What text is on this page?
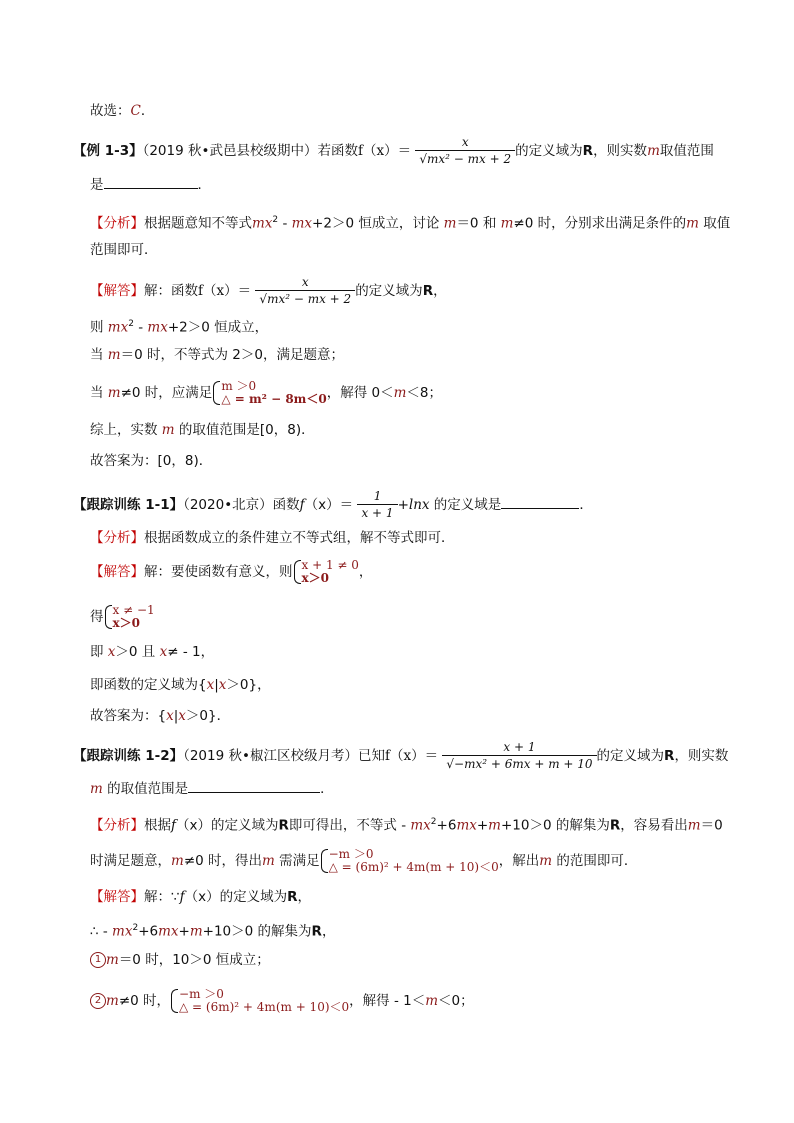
故选：C．
【例 1-3】（2019 秋•武邑县校级期中）若函数$f(x)= \frac{x}{\text{√mx² − mx + 2}}$ 的定义域为R，则实数m取值范围
是	．
【分析】根据题意知不等式$mx^2 - mx+2>0$ 恒成立，讨论 m＝0 和 m≠0 时，分别求出满足条件的m 取值
范围即可．
【解答】解：函数$f(x)= \frac{x}{\text{√mx² − mx + 2}}$ 的定义域为R，
则 $mx^2 - mx+2>0$ 恒成立，
当 m＝0 时，不等式为 2＞0，满足题意；
当 m≠0 时，应满足 m ＞0
△ = m² − 8m＜0 ，解得 0＜m＜8；
综上，实数 m 的取值范围是[0，8)．
故答案为：[0，8)．
【跟踪训练 1-1】（2020•北京）函数$f(x)= \frac{1}{x + 1} +\ln x$ 的定义域是	．
【分析】根据函数成立的条件建立不等式组，解不等式即可．
【解答】解：要使函数有意义，则 x + 1 ≠ 0
x＞0	，
得 x ≠ −1
x＞0
即 x＞0 且 x≠ - 1，
即函数的定义域为{x|x＞0}，
故答案为：{x|x＞0}．
【跟踪训练 1-2】（2019 秋•椒江区校级月考）已知$f(x)= \frac{x + 1}{\text{√−mx² + 6mx + m + 10}}$ 的定义域为R，则实数
m 的取值范围是	．
【分析】根据f（x）的定义域为R即可得出，不等式 - $mx^2+6mx+m+10>0$ 的解集为R，容易看出m＝0
时满足题意，m≠0 时，得出m 需满足 −m ＞0
△ = (6m)² + 4m(m + 10)＜0 ，解出m 的范围即可．
【解答】解：∵f（x）的定义域为R，
∴ - $mx^2+6mx+m+10>0$ 的解集为R，
1 m＝0 时，10＞0 恒成立；
2 m≠0 时， −m ＞0
△ = (6m)² + 4m(m + 10)＜0 ，解得 - 1＜m＜0；
